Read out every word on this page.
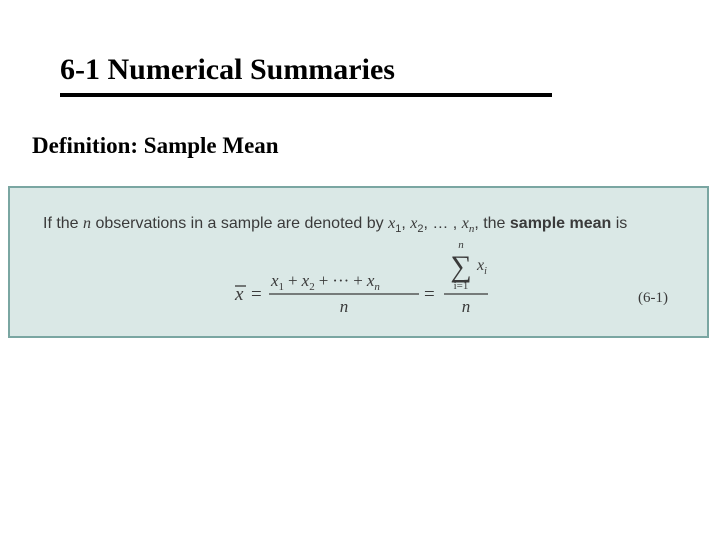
6-1 Numerical Summaries
Definition: Sample Mean
If the n observations in a sample are denoted by $x_1$, $x_2$, … , $x_n$, the sample mean is
x =
$x_1 + x_2$ + ··· + $x_n$
n
=
n
∑ $x_i$
i=1
n	(6-1)
